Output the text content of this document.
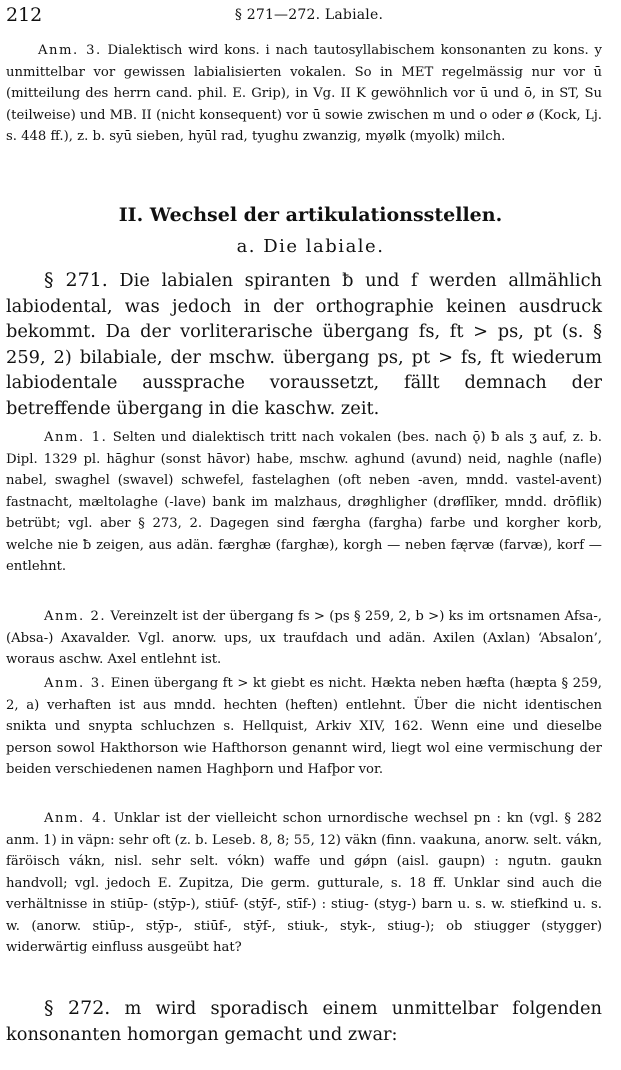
212	§ 271—272. Labiale.

Anm. 3. Dialektisch wird kons. i nach tautosyllabischem konsonanten zu kons. y unmittelbar vor gewissen labialisierten vokalen. So in MET regelmässig nur vor ū (mitteilung des herrn cand. phil. E. Grip), in Vg. II K gewöhnlich vor ū und ō, in ST, Su (teilweise) und MB. II (nicht konsequent) vor ū sowie zwischen m und o oder ø (Kock, Lj. s. 448 ff.), z. b. syū sieben, hyūl rad, tyughu zwanzig, myølk (myolk) milch.

II. Wechsel der artikulationsstellen.
a. Die labiale.

§ 271. Die labialen spiranten ƀ und f werden allmählich labiodental, was jedoch in der orthographie keinen ausdruck bekommt. Da der vorliterarische übergang fs, ft > ps, pt (s. § 259, 2) bilabiale, der mschw. übergang ps, pt > fs, ft wiederum labiodentale aussprache voraussetzt, fällt demnach der betreffende übergang in die kaschw. zeit.

Anm. 1. Selten und dialektisch tritt nach vokalen (bes. nach ǭ) ƀ als ʒ auf, z. b. Dipl. 1329 pl. hāghur (sonst hāvor) habe, mschw. aghund (avund) neid, naghle (nafle) nabel, swaghel (swavel) schwefel, fastelaghen (oft neben -aven, mndd. vastel-avent) fastnacht, mæltolaghe (-lave) bank im malzhaus, drøghligher (drøflīker, mndd. drōflik) betrübt; vgl. aber § 273, 2. Dagegen sind færgha (fargha) farbe und korgher korb, welche nie ƀ zeigen, aus adän. færghæ (farghæ), korgh — neben fæ̨rvæ (farvæ), korf — entlehnt.

Anm. 2. Vereinzelt ist der übergang fs > (ps § 259, 2, b >) ks im ortsnamen Afsa-, (Absa-) Axavalder. Vgl. anorw. ups, ux traufdach und adän. Axilen (Axlan) ‘Absalon’, woraus aschw. Axel entlehnt ist.

Anm. 3. Einen übergang ft > kt giebt es nicht. Hækta neben hæfta (hæpta § 259, 2, a) verhaften ist aus mndd. hechten (heften) entlehnt. Über die nicht identischen snikta und snypta schluchzen s. Hellquist, Arkiv XIV, 162. Wenn eine und dieselbe person sowol Hakthorson wie Hafthorson genannt wird, liegt wol eine vermischung der beiden verschiedenen namen Haghþorn und Hafþor vor.

Anm. 4. Unklar ist der vielleicht schon urnordische wechsel pn : kn (vgl. § 282 anm. 1) in väpn: sehr oft (z. b. Leseb. 8, 8; 55, 12) väkn (finn. vaakuna, anorw. selt. vákn, färöisch vákn, nisl. sehr selt. vókn) waffe und gǿpn (aisl. gaupn) : ngutn. gaukn handvoll; vgl. jedoch E. Zupitza, Die germ. gutturale, s. 18 ff. Unklar sind auch die verhältnisse in stiūp- (stȳp-), stiūf- (stȳf-, stīf-) : stiug- (styg-) barn u. s. w. stiefkind u. s. w. (anorw. stiūp-, stȳp-, stiūf-, stȳf-, stiuk-, styk-, stiug-); ob stiugger (stygger) widerwärtig einfluss ausgeübt hat?

§ 272. m wird sporadisch einem unmittelbar folgenden konsonanten homorgan gemacht und zwar:
